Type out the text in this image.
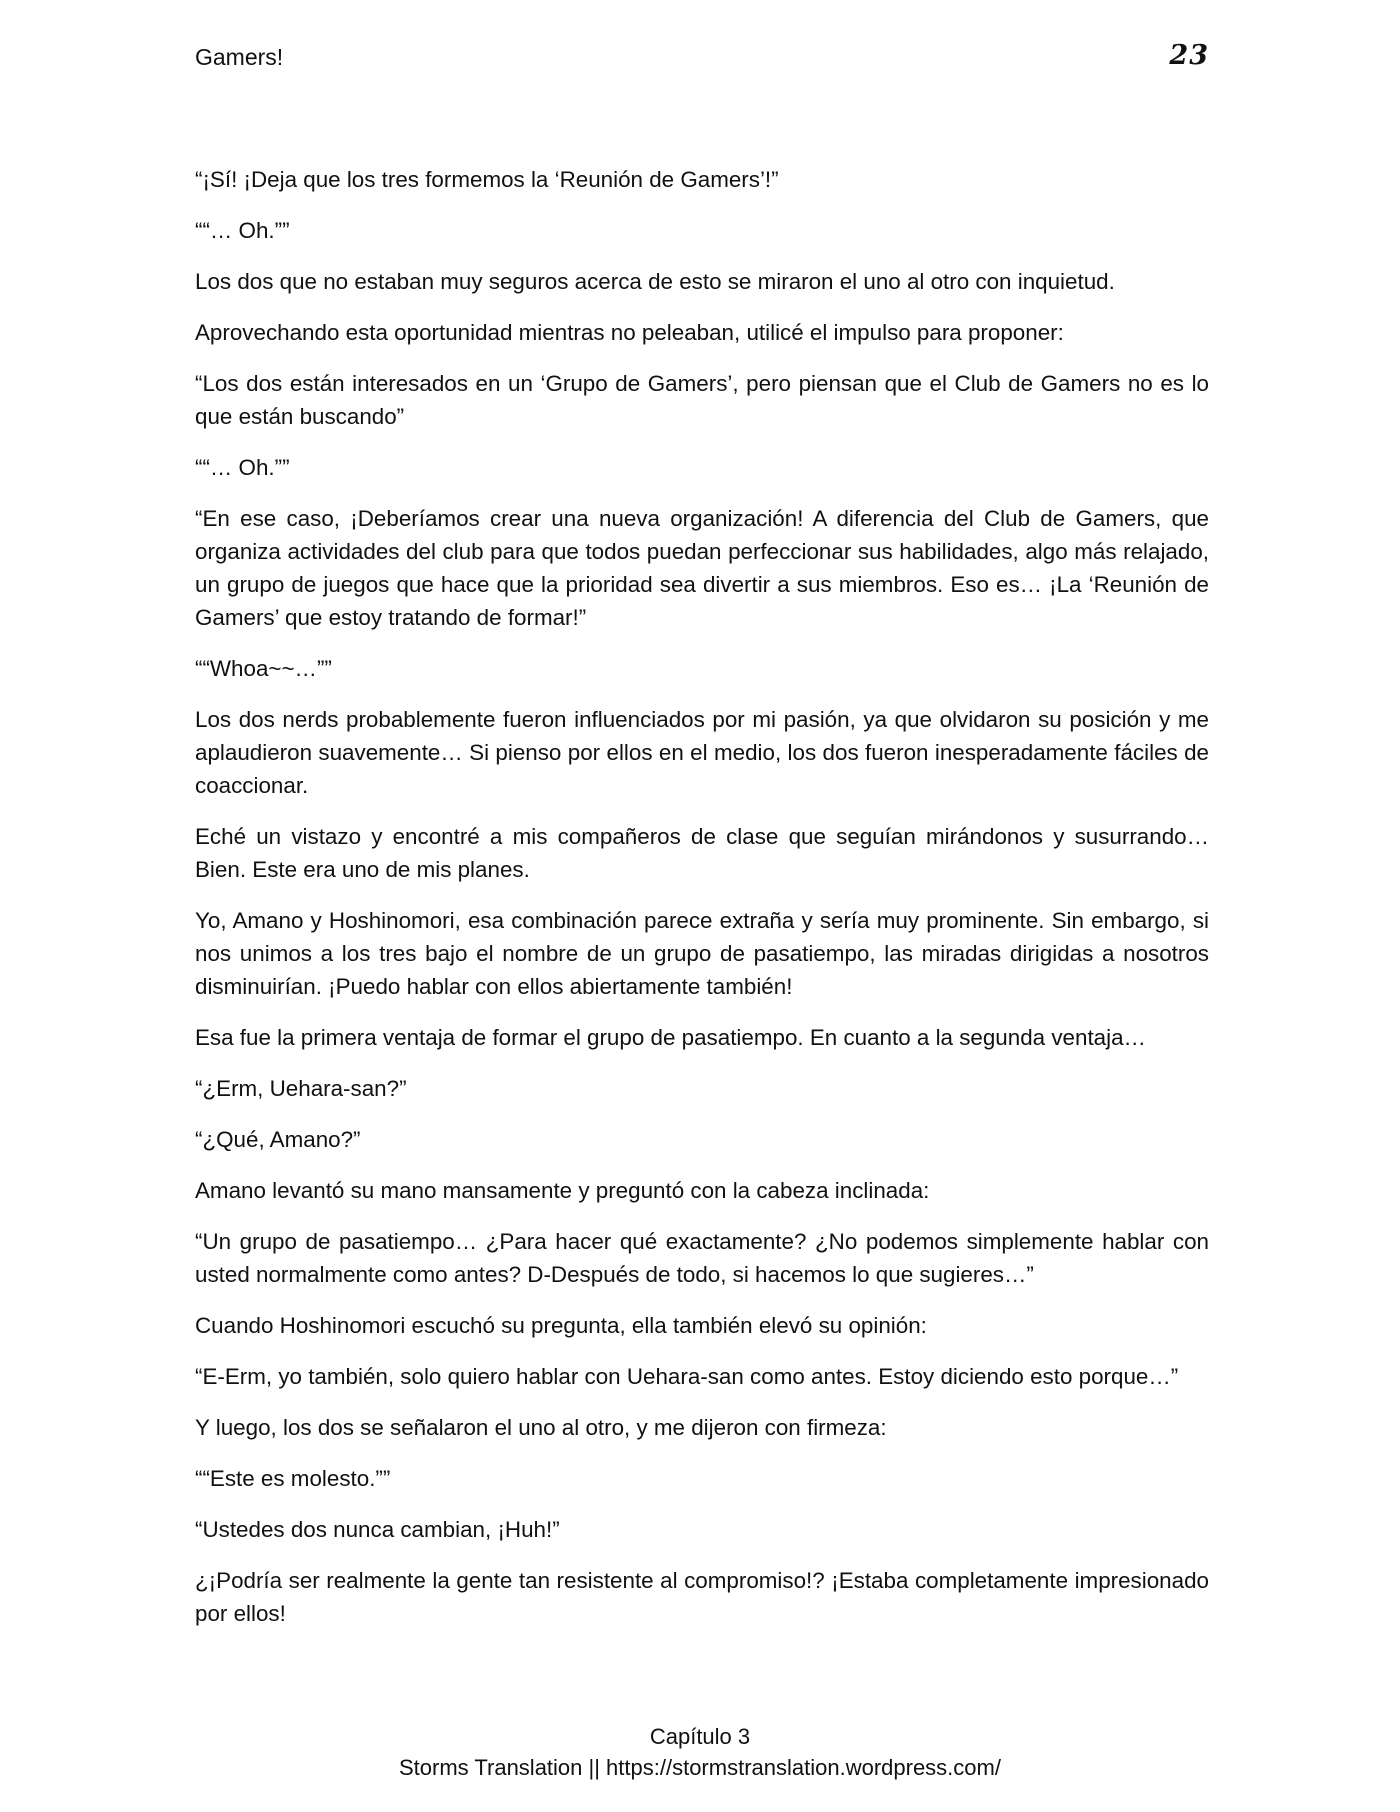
Gamers!	23

“¡Sí! ¡Deja que los tres formemos la ‘Reunión de Gamers’!”

““… Oh.””

Los dos que no estaban muy seguros acerca de esto se miraron el uno al otro con inquietud.

Aprovechando esta oportunidad mientras no peleaban, utilicé el impulso para proponer:

“Los dos están interesados en un ‘Grupo de Gamers’, pero piensan que el Club de Gamers no es lo que están buscando”

““… Oh.””

“En ese caso, ¡Deberíamos crear una nueva organización! A diferencia del Club de Gamers, que organiza actividades del club para que todos puedan perfeccionar sus habilidades, algo más relajado, un grupo de juegos que hace que la prioridad sea divertir a sus miembros. Eso es… ¡La ‘Reunión de Gamers’ que estoy tratando de formar!”

““Whoa~~…””

Los dos nerds probablemente fueron influenciados por mi pasión, ya que olvidaron su posición y me aplaudieron suavemente… Si pienso por ellos en el medio, los dos fueron inesperadamente fáciles de coaccionar.

Eché un vistazo y encontré a mis compañeros de clase que seguían mirándonos y susurrando… Bien. Este era uno de mis planes.

Yo, Amano y Hoshinomori, esa combinación parece extraña y sería muy prominente. Sin embargo, si nos unimos a los tres bajo el nombre de un grupo de pasatiempo, las miradas dirigidas a nosotros disminuirían. ¡Puedo hablar con ellos abiertamente también!

Esa fue la primera ventaja de formar el grupo de pasatiempo. En cuanto a la segunda ventaja…

“¿Erm, Uehara-san?”

“¿Qué, Amano?”

Amano levantó su mano mansamente y preguntó con la cabeza inclinada:

“Un grupo de pasatiempo… ¿Para hacer qué exactamente? ¿No podemos simplemente hablar con usted normalmente como antes? D-Después de todo, si hacemos lo que sugieres…”

Cuando Hoshinomori escuchó su pregunta, ella también elevó su opinión:

“E-Erm, yo también, solo quiero hablar con Uehara-san como antes. Estoy diciendo esto porque…”

Y luego, los dos se señalaron el uno al otro, y me dijeron con firmeza:

““Este es molesto.””

“Ustedes dos nunca cambian, ¡Huh!”

¿¡Podría ser realmente la gente tan resistente al compromiso!? ¡Estaba completamente impresionado por ellos!

Capítulo 3
Storms Translation || https://stormstranslation.wordpress.com/
